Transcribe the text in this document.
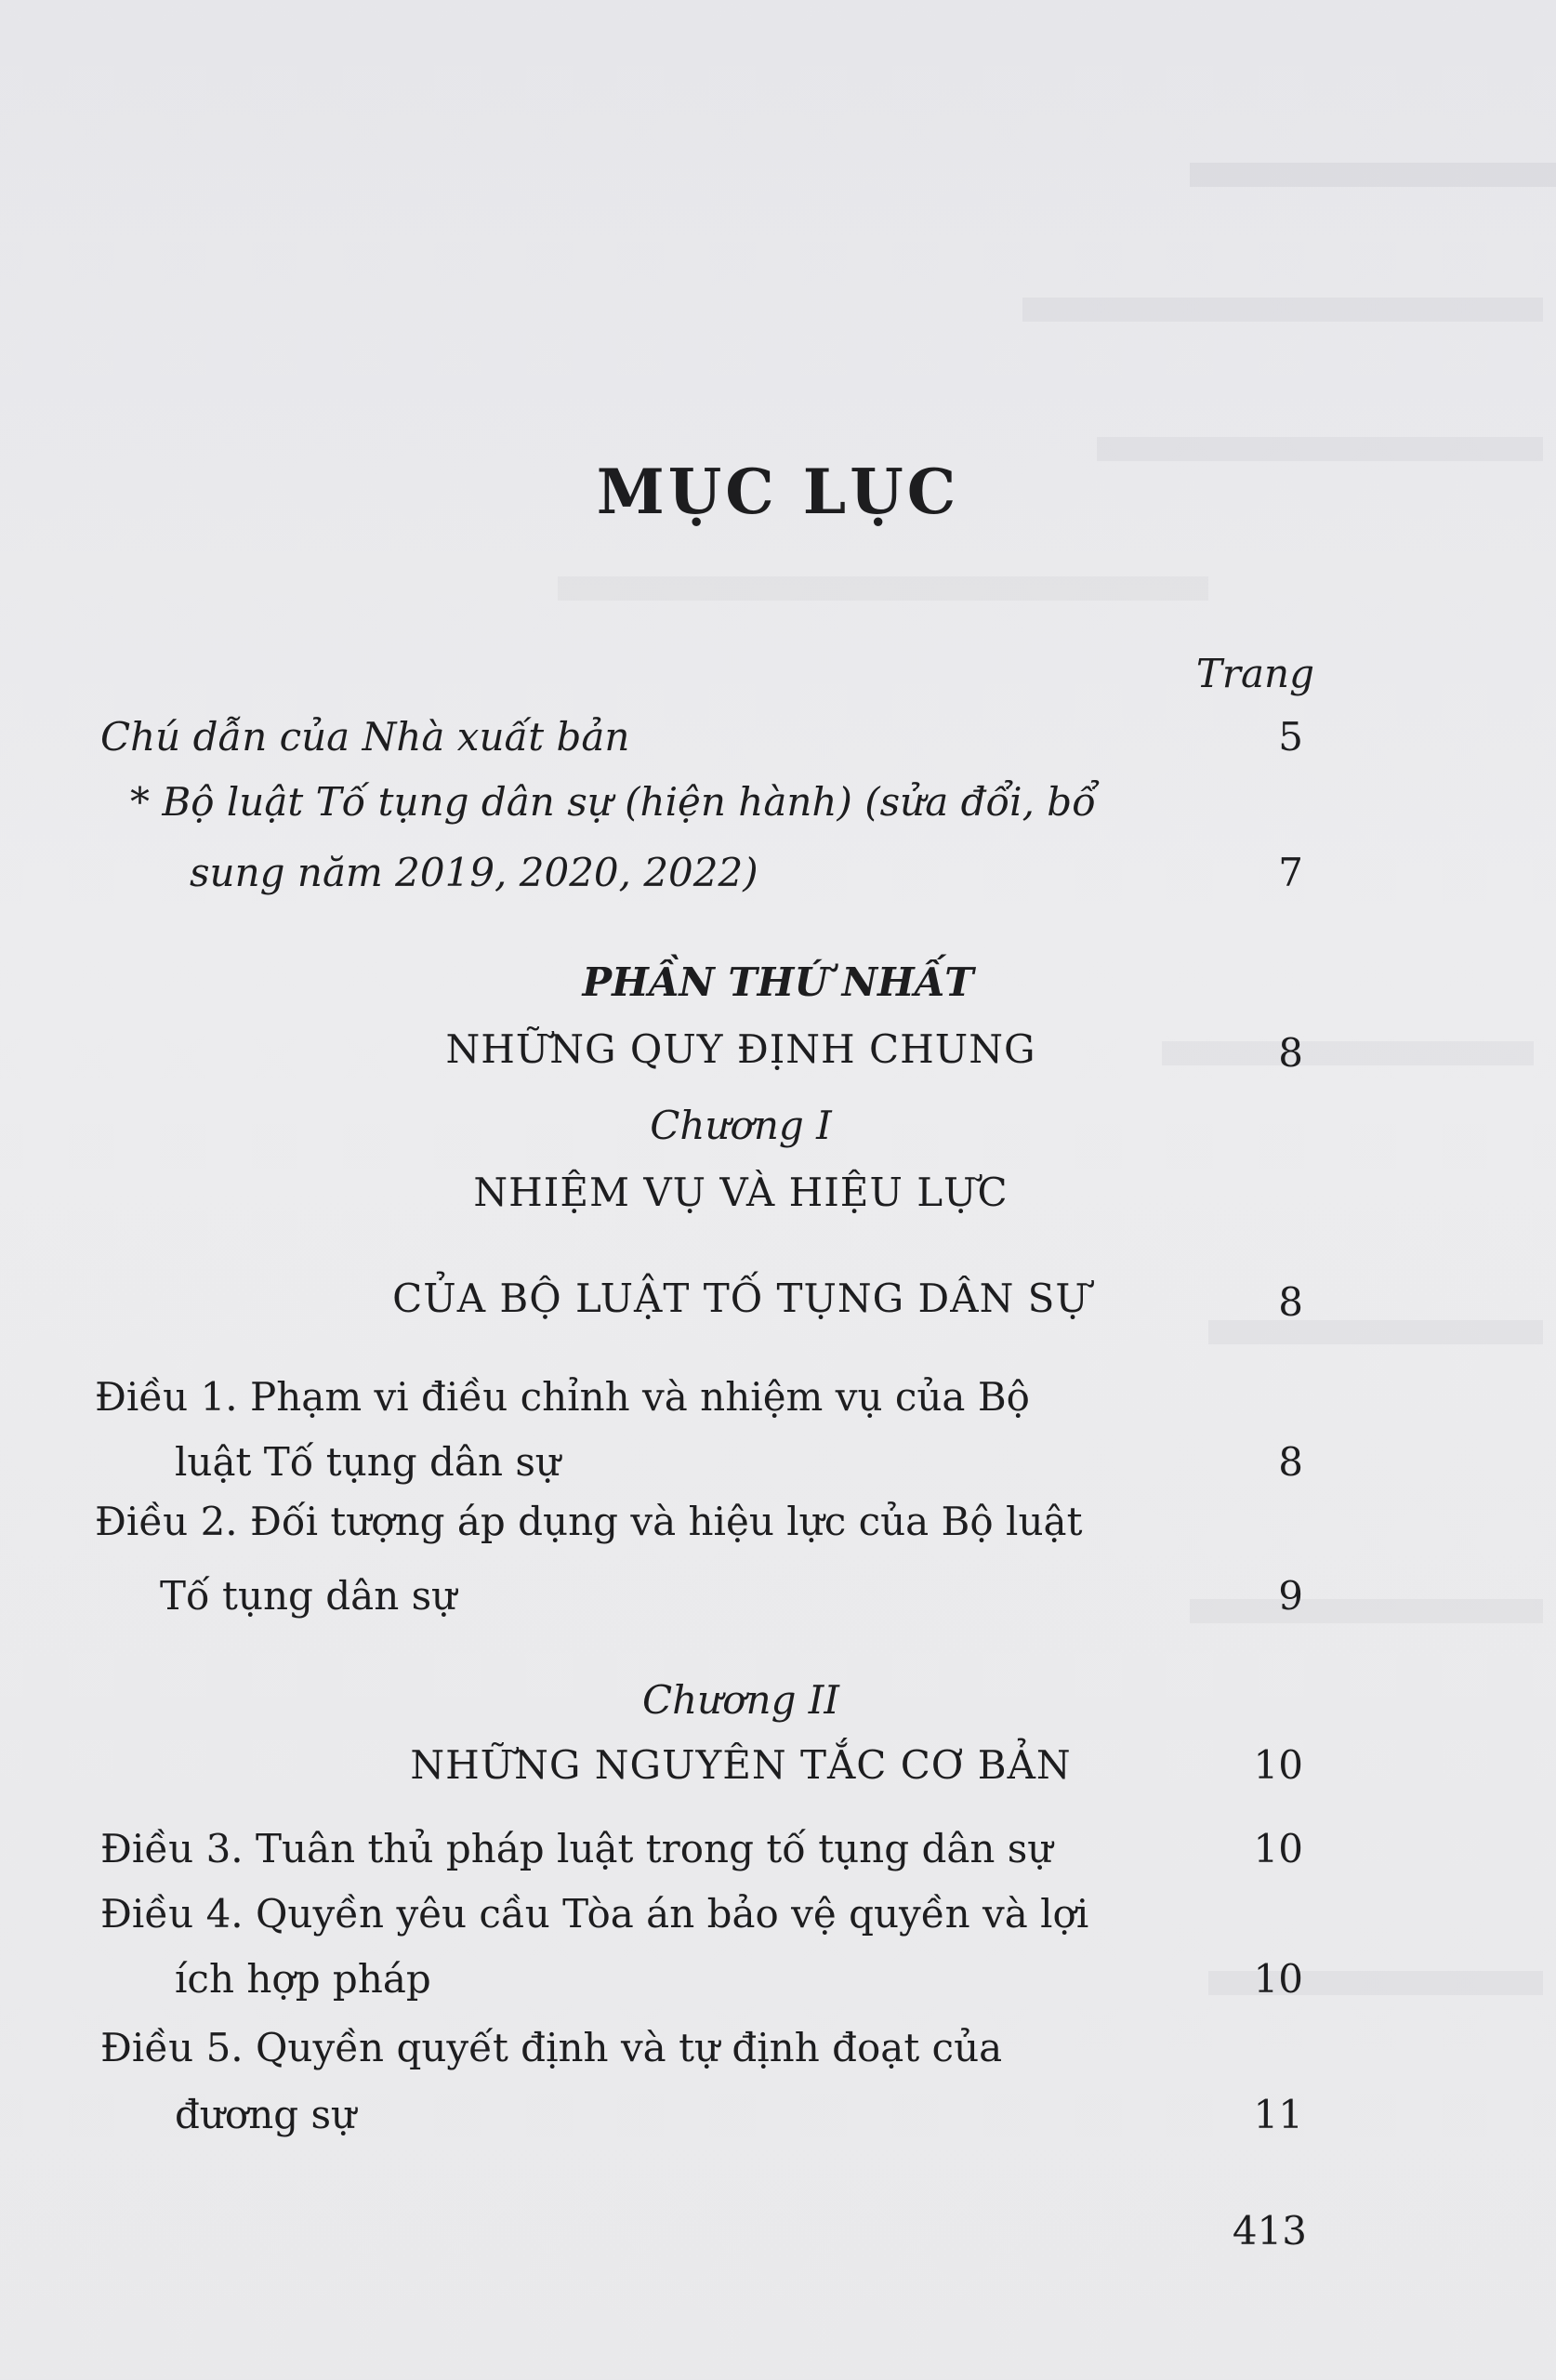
MỤC LỤC
Trang
Chú dẫn của Nhà xuất bản	5
* Bộ luật Tố tụng dân sự (hiện hành) (sửa đổi, bổ
sung năm 2019, 2020, 2022)	7
PHẦN THỨ NHẤT
NHỮNG QUY ĐỊNH CHUNG	8
Chương I
NHIỆM VỤ VÀ HIỆU LỰC
CỦA BỘ LUẬT TỐ TỤNG DÂN SỰ	8
Điều 1. Phạm vi điều chỉnh và nhiệm vụ của Bộ
luật Tố tụng dân sự	8
Điều 2. Đối tượng áp dụng và hiệu lực của Bộ luật
Tố tụng dân sự	9
Chương II
NHỮNG NGUYÊN TẮC CƠ BẢN	10
Điều 3. Tuân thủ pháp luật trong tố tụng dân sự	10
Điều 4. Quyền yêu cầu Tòa án bảo vệ quyền và lợi
ích hợp pháp	10
Điều 5. Quyền quyết định và tự định đoạt của
đương sự	11
413
